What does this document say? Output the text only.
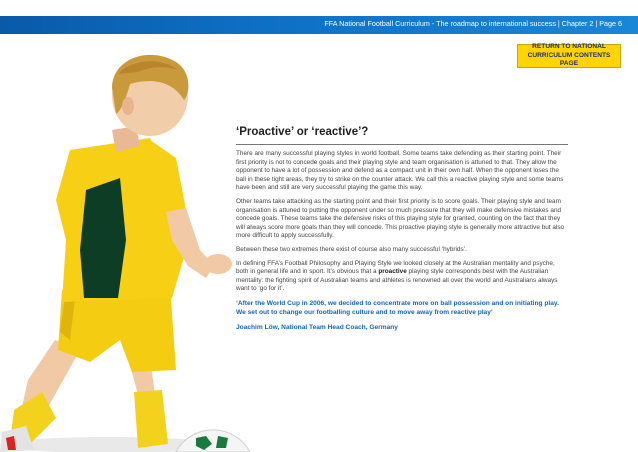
FFA National Football Curriculum - The roadmap to international success | Chapter 2 | Page 6
RETURN TO NATIONAL
CURRICULUM CONTENTS PAGE
‘Proactive’ or ‘reactive’?

There are many successful playing styles in world football. Some teams take defending as their starting point. Their first priority is not to concede goals and their playing style and team organisation is attuned to that. They allow the opponent to have a lot of possession and defend as a compact unit in their own half. When the opponent loses the ball in these tight areas, they try to strike on the counter attack. We call this a reactive playing style and some teams have been and still are very successful playing the game this way.

Other teams take attacking as the starting point and their first priority is to score goals. Their playing style and team organisation is attuned to putting the opponent under so much pressure that they will make defensive mistakes and concede goals. These teams take the defensive risks of this playing style for granted, counting on the fact that they will always score more goals than they will concede. This proactive playing style is generally more attractive but also more difficult to apply successfully.

Between these two extremes there exist of course also many successful ‘hybrids’.

In defining FFA’s Football Philosophy and Playing Style we looked closely at the Australian mentality and psyche, both in general life and in sport. It’s obvious that a proactive playing style corresponds best with the Australian mentality: the fighting spirit of Australian teams and athletes is renowned all over the world and Australians always want to ‘go for it’.

‘After the World Cup in 2006, we decided to concentrate more on ball possession and on initiating play. We set out to change our footballing culture and to move away from reactive play’

Joachim Löw, National Team Head Coach, Germany
